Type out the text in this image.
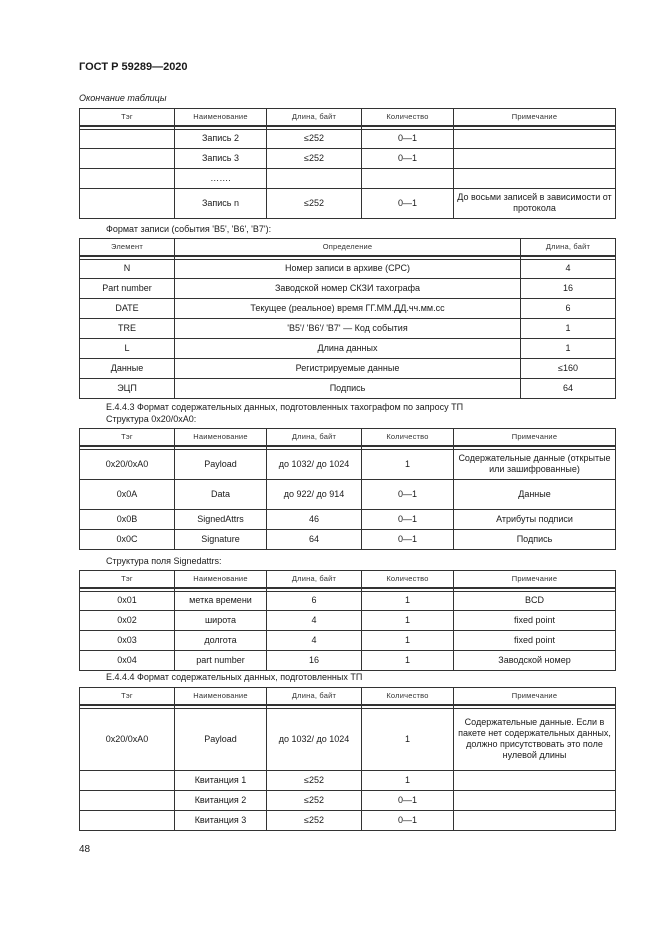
ГОСТ Р 59289—2020
Окончание таблицы
Тэг	Наименование	Длина, байт	Количество	Примечание

	Запись 2	≤252	0—1	
	Запись 3	≤252	0—1	
	…….			
	Запись n	≤252	0—1	До восьми записей в зависимости от протокола
Формат записи (события 'B5', 'B6', 'B7'):
Элемент	Определение	Длина, байт

N	Номер записи в архиве (СРС)	4
Part number	Заводской номер СКЗИ тахографа	16
DATE	Текущее (реальное) время ГГ.ММ.ДД.чч.мм.сс	6
TRE	'B5'/ 'B6'/ 'B7' — Код события	1
L	Длина данных	1
Данные	Регистрируемые данные	≤160
ЭЦП	Подпись	64
Е.4.4.3 Формат содержательных данных, подготовленных тахографом по запросу ТП
Структура 0x20/0xA0:
Тэг	Наименование	Длина, байт	Количество	Примечание

0x20/0xA0	Payload	до 1032/ до 1024	1	Содержательные данные (открытые или зашифрованные)
0x0A	Data	до 922/ до 914	0—1	Данные
0x0B	SignedAttrs	46	0—1	Атрибуты подписи
0x0C	Signature	64	0—1	Подпись
Структура поля Signedattrs:
Тэг	Наименование	Длина, байт	Количество	Примечание

0x01	метка времени	6	1	BCD
0x02	широта	4	1	fixed point
0x03	долгота	4	1	fixed point
0x04	part number	16	1	Заводской номер
Е.4.4.4 Формат содержательных данных, подготовленных ТП
Тэг	Наименование	Длина, байт	Количество	Примечание

0x20/0xA0	Payload	до 1032/ до 1024	1	Содержательные данные. Если в пакете нет содержательных данных, должно присутствовать это поле нулевой длины
	Квитанция 1	≤252	1	
	Квитанция 2	≤252	0—1	
	Квитанция 3	≤252	0—1	
48
